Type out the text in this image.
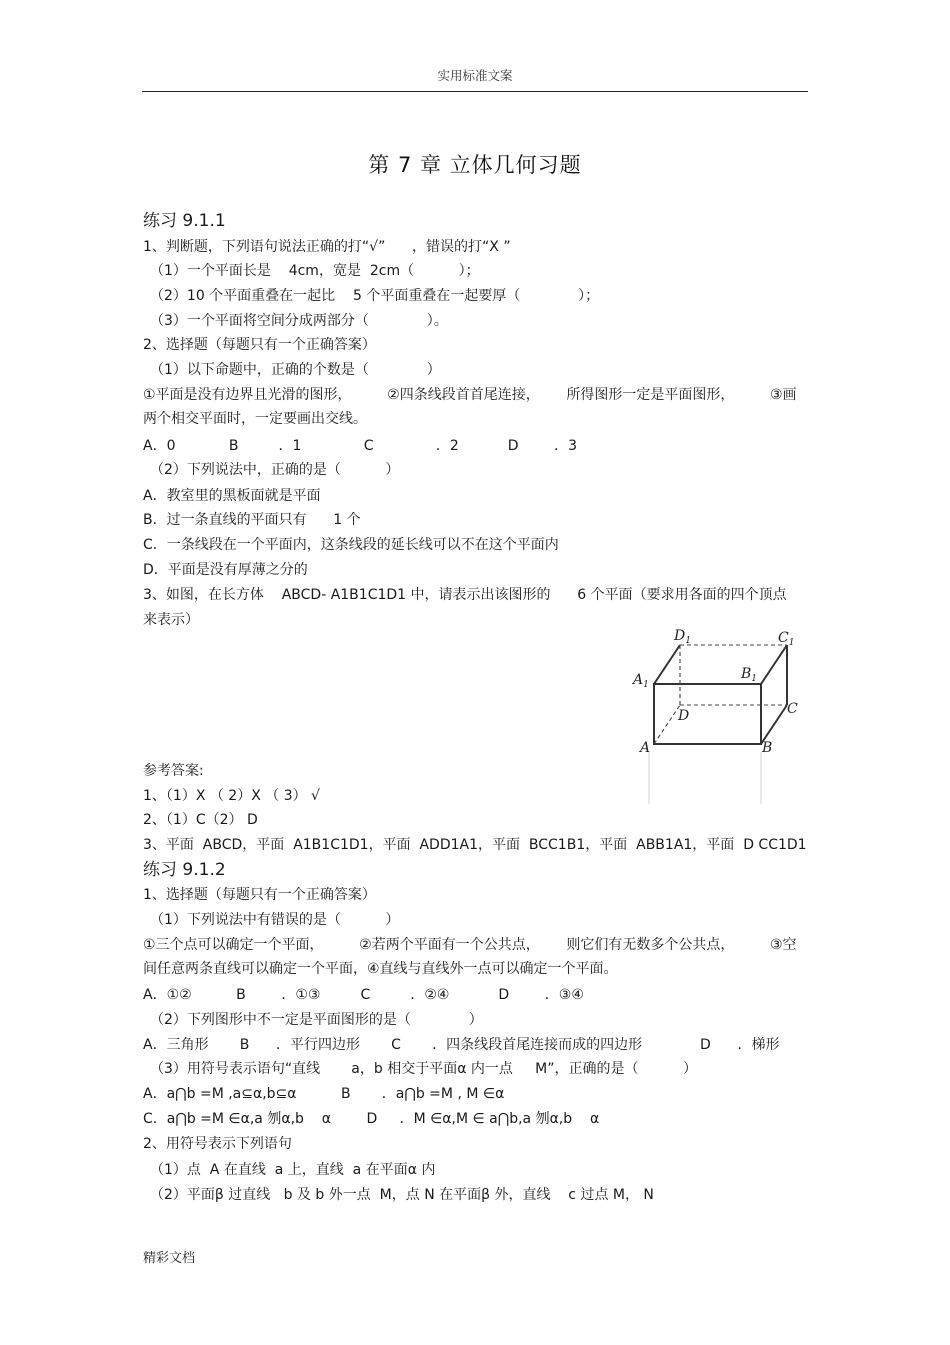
实用标准文案
第 7 章 立体几何习题
练习 9.1.1
1、判断题，下列语句说法正确的打“√”      ，错误的打“X ”
（1）一个平面长是    4cm，宽是  2cm（          ）；
（2）10 个平面重叠在一起比    5 个平面重叠在一起要厚（             ）；
（3）一个平面将空间分成两部分（             ）。
2、选择题（每题只有一个正确答案）
（1）以下命题中，正确的个数是（             ）
①平面是没有边界且光滑的图形，        ②四条线段首首尾连接，      所得图形一定是平面图形，        ③画
两个相交平面时，一定要画出交线。
A．0            B         ．1              C              ．2           D        ．3
（2）下列说法中，正确的是（          ）
A．教室里的黑板面就是平面
B．过一条直线的平面只有      1 个
C．一条线段在一个平面内，这条线段的延长线可以不在这个平面内
D．平面是没有厚薄之分的
3、如图，在长方体    ABCD- A1B1C1D1 中，请表示出该图形的      6 个平面（要求用各面的四个顶点
来表示）
$D_1$	$C_1$
$A_1$
$B_1$
D	C
A	B
参考答案:
1、（1）X （ 2）X （ 3） √
2、（1）C（2） D
3、平面  ABCD，平面  A1B1C1D1，平面  ADD1A1，平面  BCC1B1，平面  ABB1A1，平面  D CC1D1
练习 9.1.2
1、选择题（每题只有一个正确答案）
（1）下列说法中有错误的是（          ）
①三个点可以确定一个平面，        ②若两个平面有一个公共点，      则它们有无数多个公共点，        ③空
间任意两条直线可以确定一个平面，④直线与直线外一点可以确定一个平面。
A．①②          B        ．①③         C         ．②④           D        ．③④
（2）下列图形中不一定是平面图形的是（             ）
A．三角形       B      ．平行四边形       C       ．四条线段首尾连接而成的四边形             D      ．梯形
（3）用符号表示语句“直线       a，b 相交于平面α 内一点     M”，正确的是（          ）
A．a⋂b =M ,a⊆α,b⊆α          B       ．a⋂b =M , M ∈α
C．a⋂b =M ∈α,a 刎α,b    α        D     ．M ∈α,M ∈ a⋂b,a 刎α,b    α
2、用符号表示下列语句
（1）点  A 在直线  a 上，直线  a 在平面α 内
（2）平面β 过直线   b 及 b 外一点  M，点 N 在平面β 外，直线    c 过点 M， N
精彩文档
